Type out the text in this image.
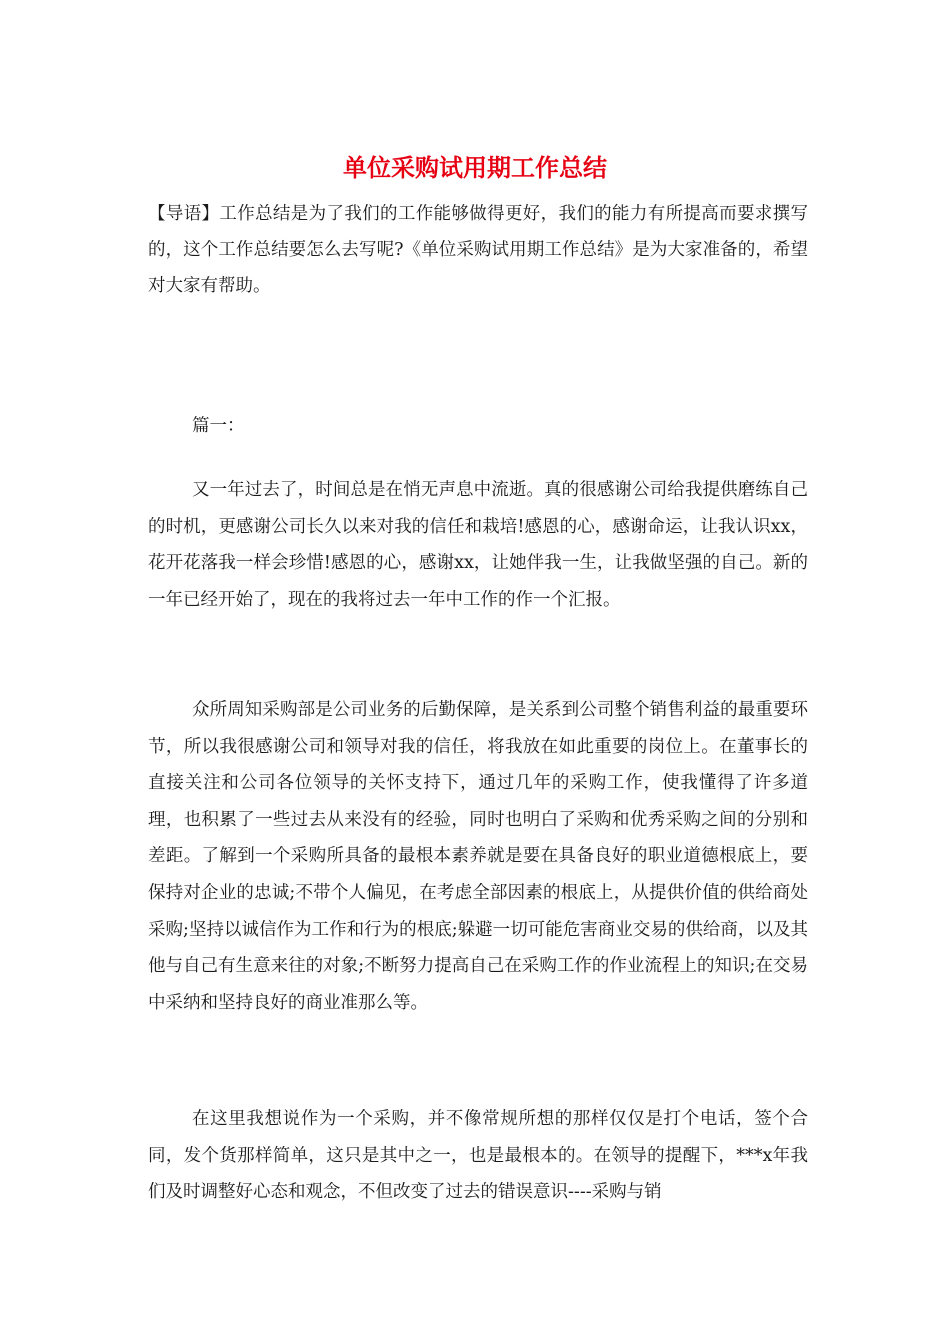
单位采购试用期工作总结

【导语】工作总结是为了我们的工作能够做得更好，我们的能力有所提高而要求撰写的，这个工作总结要怎么去写呢?《单位采购试用期工作总结》是为大家准备的，希望对大家有帮助。

篇一：

又一年过去了，时间总是在悄无声息中流逝。真的很感谢公司给我提供磨练自己的时机，更感谢公司长久以来对我的信任和栽培!感恩的心，感谢命运，让我认识xx，花开花落我一样会珍惜!感恩的心，感谢xx，让她伴我一生，让我做坚强的自己。新的一年已经开始了，现在的我将过去一年中工作的作一个汇报。

众所周知采购部是公司业务的后勤保障，是关系到公司整个销售利益的最重要环节，所以我很感谢公司和领导对我的信任，将我放在如此重要的岗位上。在董事长的直接关注和公司各位领导的关怀支持下，通过几年的采购工作，使我懂得了许多道理，也积累了一些过去从来没有的经验，同时也明白了采购和优秀采购之间的分别和差距。了解到一个采购所具备的最根本素养就是要在具备良好的职业道德根底上，要保持对企业的忠诚;不带个人偏见，在考虑全部因素的根底上，从提供价值的供给商处采购;坚持以诚信作为工作和行为的根底;躲避一切可能危害商业交易的供给商，以及其他与自己有生意来往的对象;不断努力提高自己在采购工作的作业流程上的知识;在交易中采纳和坚持良好的商业准那么等。

在这里我想说作为一个采购，并不像常规所想的那样仅仅是打个电话，签个合同，发个货那样简单，这只是其中之一，也是最根本的。在领导的提醒下，***x年我们及时调整好心态和观念，不但改变了过去的错误意识----采购与销
